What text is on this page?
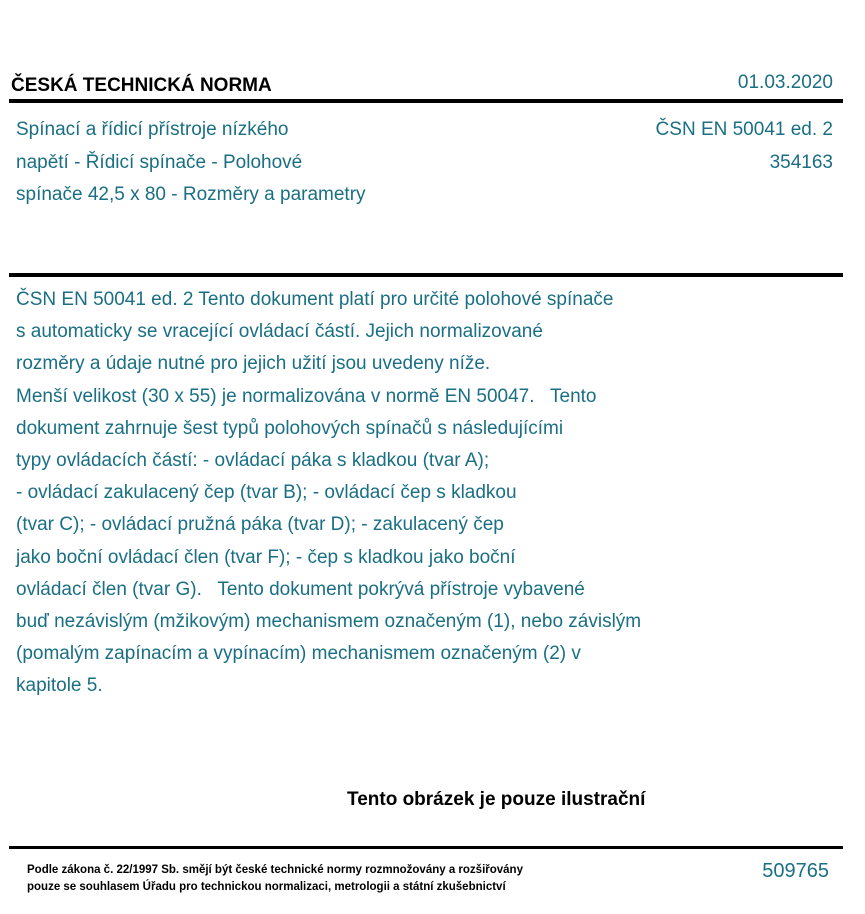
ČESKÁ TECHNICKÁ NORMA	01.03.2020
Spínací a řídicí přístroje nízkého
napětí - Řídicí spínače - Polohové
spínače 42,5 x 80 - Rozměry a parametry
ČSN EN 50041 ed. 2
354163
ČSN EN 50041 ed. 2 Tento dokument platí pro určité polohové spínače
s automaticky se vracející ovládací částí. Jejich normalizované
rozměry a údaje nutné pro jejich užití jsou uvedeny níže.
Menší velikost (30 x 55) je normalizována v normě EN 50047.   Tento
dokument zahrnuje šest typů polohových spínačů s následujícími
typy ovládacích částí: - ovládací páka s kladkou (tvar A);
- ovládací zakulacený čep (tvar B); - ovládací čep s kladkou
(tvar C); - ovládací pružná páka (tvar D); - zakulacený čep
jako boční ovládací člen (tvar F); - čep s kladkou jako boční
ovládací člen (tvar G).   Tento dokument pokrývá přístroje vybavené
buď nezávislým (mžikovým) mechanismem označeným (1), nebo závislým
(pomalým zapínacím a vypínacím) mechanismem označeným (2) v
kapitole 5.
Tento obrázek je pouze ilustrační
Podle zákona č. 22/1997 Sb. smějí být české technické normy rozmnožovány a rozšiřovány
pouze se souhlasem Úřadu pro technickou normalizaci, metrologii a státní zkušebnictví
509765
